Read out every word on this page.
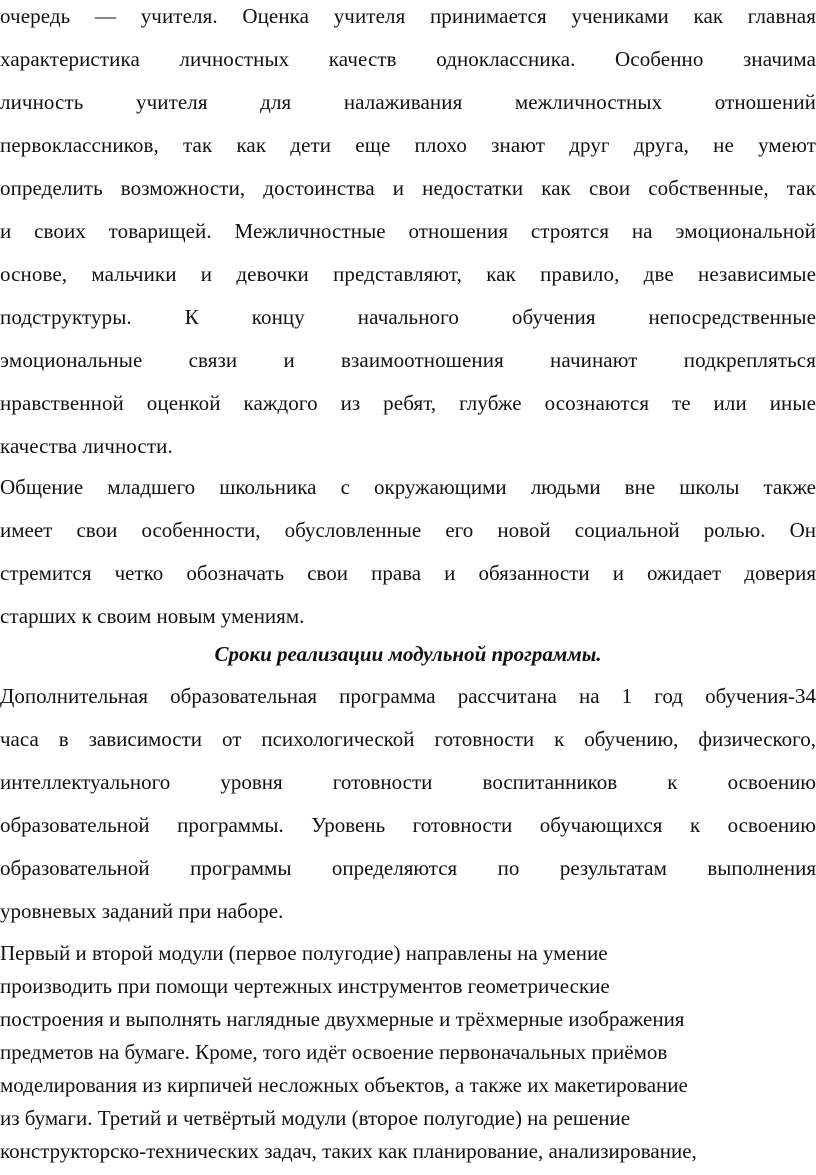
очередь — учителя. Оценка учителя принимается учениками как главная
характеристика личностных качеств одноклассника. Особенно значима
личность учителя для налаживания межличностных отношений
первоклассников, так как дети еще плохо знают друг друга, не умеют
определить возможности, достоинства и недостатки как свои собственные, так
и своих товарищей. Межличностные отношения строятся на эмоциональной
основе, мальчики и девочки представляют, как правило, две независимые
подструктуры. К концу начального обучения непосредственные
эмоциональные связи и взаимоотношения начинают подкрепляться
нравственной оценкой каждого из ребят, глубже осознаются те или иные
качества личности.
Общение младшего школьника с окружающими людьми вне школы также
имеет свои особенности, обусловленные его новой социальной ролью. Он
стремится четко обозначать свои права и обязанности и ожидает доверия
старших к своим новым умениям.
Сроки реализации модульной программы.
Дополнительная образовательная программа рассчитана на 1 год обучения-34
часа в зависимости от психологической готовности к обучению, физического,
интеллектуального уровня готовности воспитанников к освоению
образовательной программы. Уровень готовности обучающихся к освоению
образовательной программы определяются по результатам выполнения
уровневых заданий при наборе.
Первый и второй модули (первое полугодие) направлены на умение
производить при помощи чертежных инструментов геометрические
построения и выполнять наглядные двухмерные и трёхмерные изображения
предметов на бумаге. Кроме, того идёт освоение первоначальных приёмов
моделирования из кирпичей несложных объектов, а также их макетирование
из бумаги. Третий и четвёртый модули (второе полугодие) на решение
конструкторско-технических задач, таких как планирование, анализирование,
